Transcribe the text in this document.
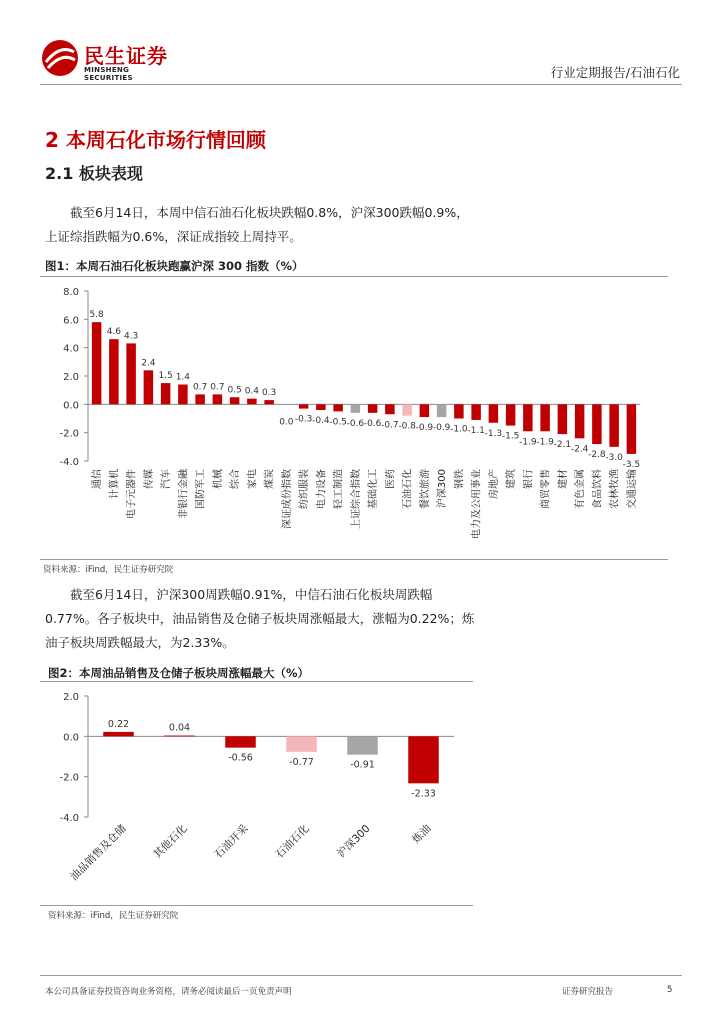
民生证券
MINSHENG SECURITIES	行业定期报告/石油石化
2 本周石化市场行情回顾
2.1 板块表现
截至6月14日，本周中信石油石化板块跌幅0.8%，沪深300跌幅0.9%，上证综指跌幅为0.6%，深证成指较上周持平。
图1：本周石油石化板块跑赢沪深 300 指数（%）
8.0
6.0
4.0
2.0
0.0
-2.0
-4.0
5.8
通信
4.6
计算机
4.3
电子元器件
2.4
传媒
1.5
汽车
1.4
非银行金融
0.7
国防军工
0.7
机械
0.5
综合
0.4
家电
0.3
煤炭
0.0
深证成份指数
-0.3
纺织服装
-0.4
电力设备
-0.5
轻工制造
-0.6
上证综合指数
-0.6
基础化工
-0.7
医药
-0.8
石油石化
-0.9
餐饮旅游
-0.9
沪深300
-1.0
钢铁
-1.1
电力及公用事业
-1.3
房地产
-1.5
建筑
-1.9
银行
-1.9
商贸零售
-2.1
建材
-2.4
有色金属
-2.8
食品饮料
-3.0
农林牧渔
-3.5
交通运输
资料来源：iFind，民生证券研究院
截至6月14日，沪深300周跌幅0.91%，中信石油石化板块周跌幅0.77%。各子板块中，油品销售及仓储子板块周涨幅最大，涨幅为0.22%；炼油子板块周跌幅最大，为2.33%。
图2：本周油品销售及仓储子板块周涨幅最大（%）
2.0
0.0
-2.0
-4.0
0.22
油品销售及仓储
0.04
其他石化
-0.56
石油开采
-0.77
石油石化
-0.91
沪深300
-2.33
炼油
资料来源：iFind，民生证券研究院
本公司具备证券投资咨询业务资格，请务必阅读最后一页免责声明	证券研究报告	5
